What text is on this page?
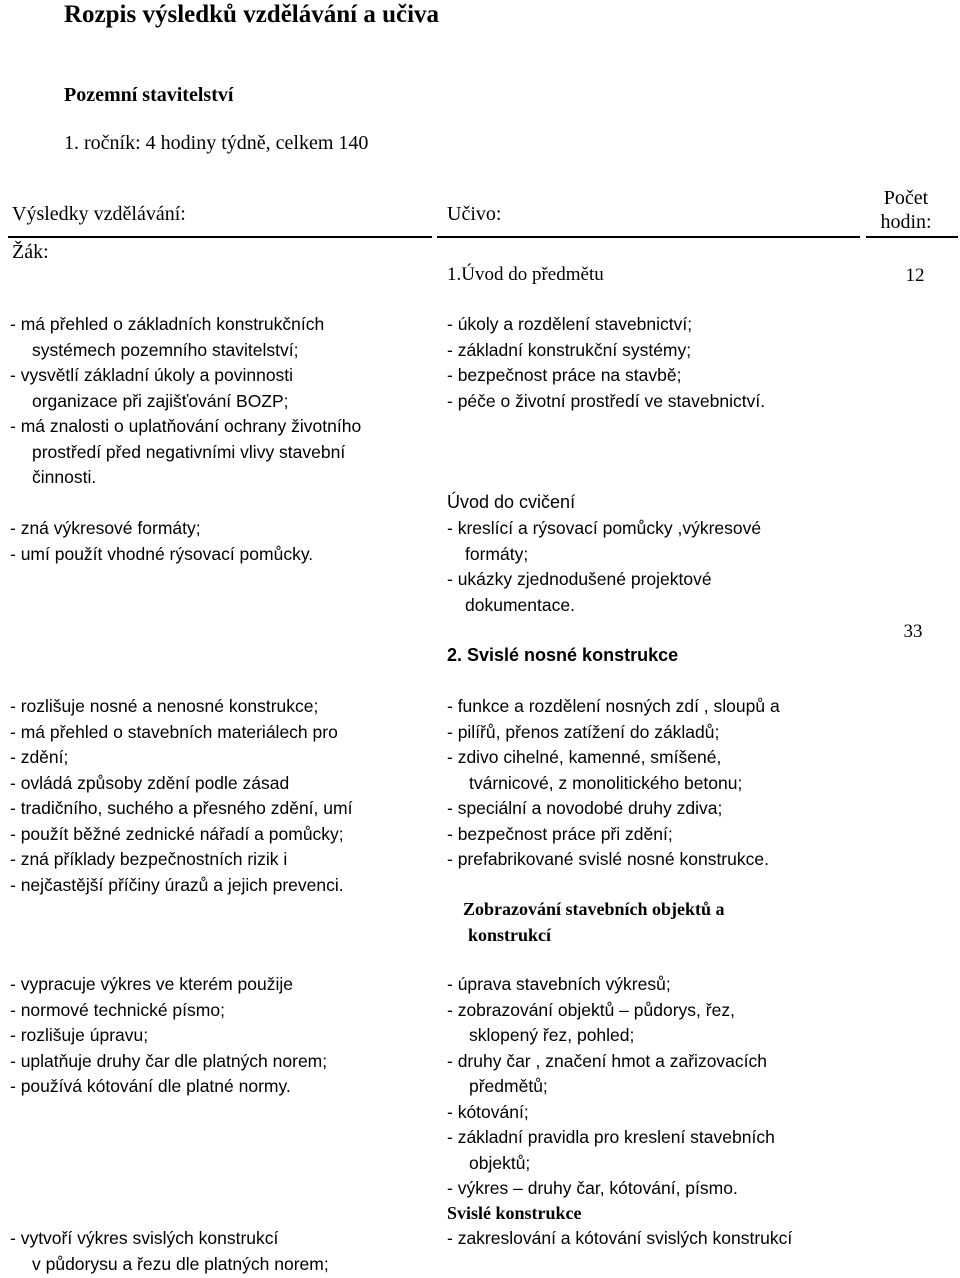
Rozpis výsledků vzdělávání a učiva
Pozemní stavitelství
1. ročník: 4 hodiny týdně, celkem 140
Výsledky vzdělávání:	Učivo:
Počet
hodin:
Žák:
1.Úvod do předmětu	12
- má přehled o základních konstrukčních
systémech pozemního stavitelství;
- vysvětlí základní úkoly a povinnosti
organizace při zajišťování BOZP;
- má znalosti o uplatňování ochrany životního
prostředí před negativními vlivy stavební
činnosti.
- zná výkresové formáty;
- umí použít vhodné rýsovací pomůcky.
- úkoly a rozdělení stavebnictví;
- základní konstrukční systémy;
- bezpečnost práce na stavbě;
- péče o životní prostředí ve stavebnictví.
Úvod do cvičení
- kreslící a rýsovací pomůcky ,výkresové
formáty;
- ukázky zjednodušené projektové
dokumentace.
2. Svislé nosné konstrukce
33
- rozlišuje nosné a nenosné konstrukce;
- má přehled o stavebních materiálech pro
- zdění;
- ovládá způsoby zdění podle zásad
- tradičního, suchého a přesného zdění, umí
- použít běžné zednické nářadí a pomůcky;
- zná příklady bezpečnostních rizik i
- nejčastější příčiny úrazů a jejich prevenci.
- funkce a rozdělení nosných zdí , sloupů a
- pilířů, přenos zatížení do základů;
- zdivo cihelné, kamenné, smíšené,
tvárnicové, z monolitického betonu;
- speciální a novodobé druhy zdiva;
- bezpečnost práce při zdění;
- prefabrikované svislé nosné konstrukce.
Zobrazování stavebních objektů a
konstrukcí
- vypracuje výkres ve kterém použije
- normové technické písmo;
- rozlišuje úpravu;
- uplatňuje druhy čar dle platných norem;
- používá kótování dle platné normy.
- úprava stavebních výkresů;
- zobrazování objektů – půdorys, řez,
sklopený řez, pohled;
- druhy čar , značení hmot a zařizovacích
předmětů;
- kótování;
- základní pravidla pro kreslení stavebních
objektů;
- výkres – druhy čar, kótování, písmo.
Svislé konstrukce
- vytvoří výkres svislých konstrukcí
v půdorysu a řezu dle platných norem;
- zakreslování a kótování svislých konstrukcí
